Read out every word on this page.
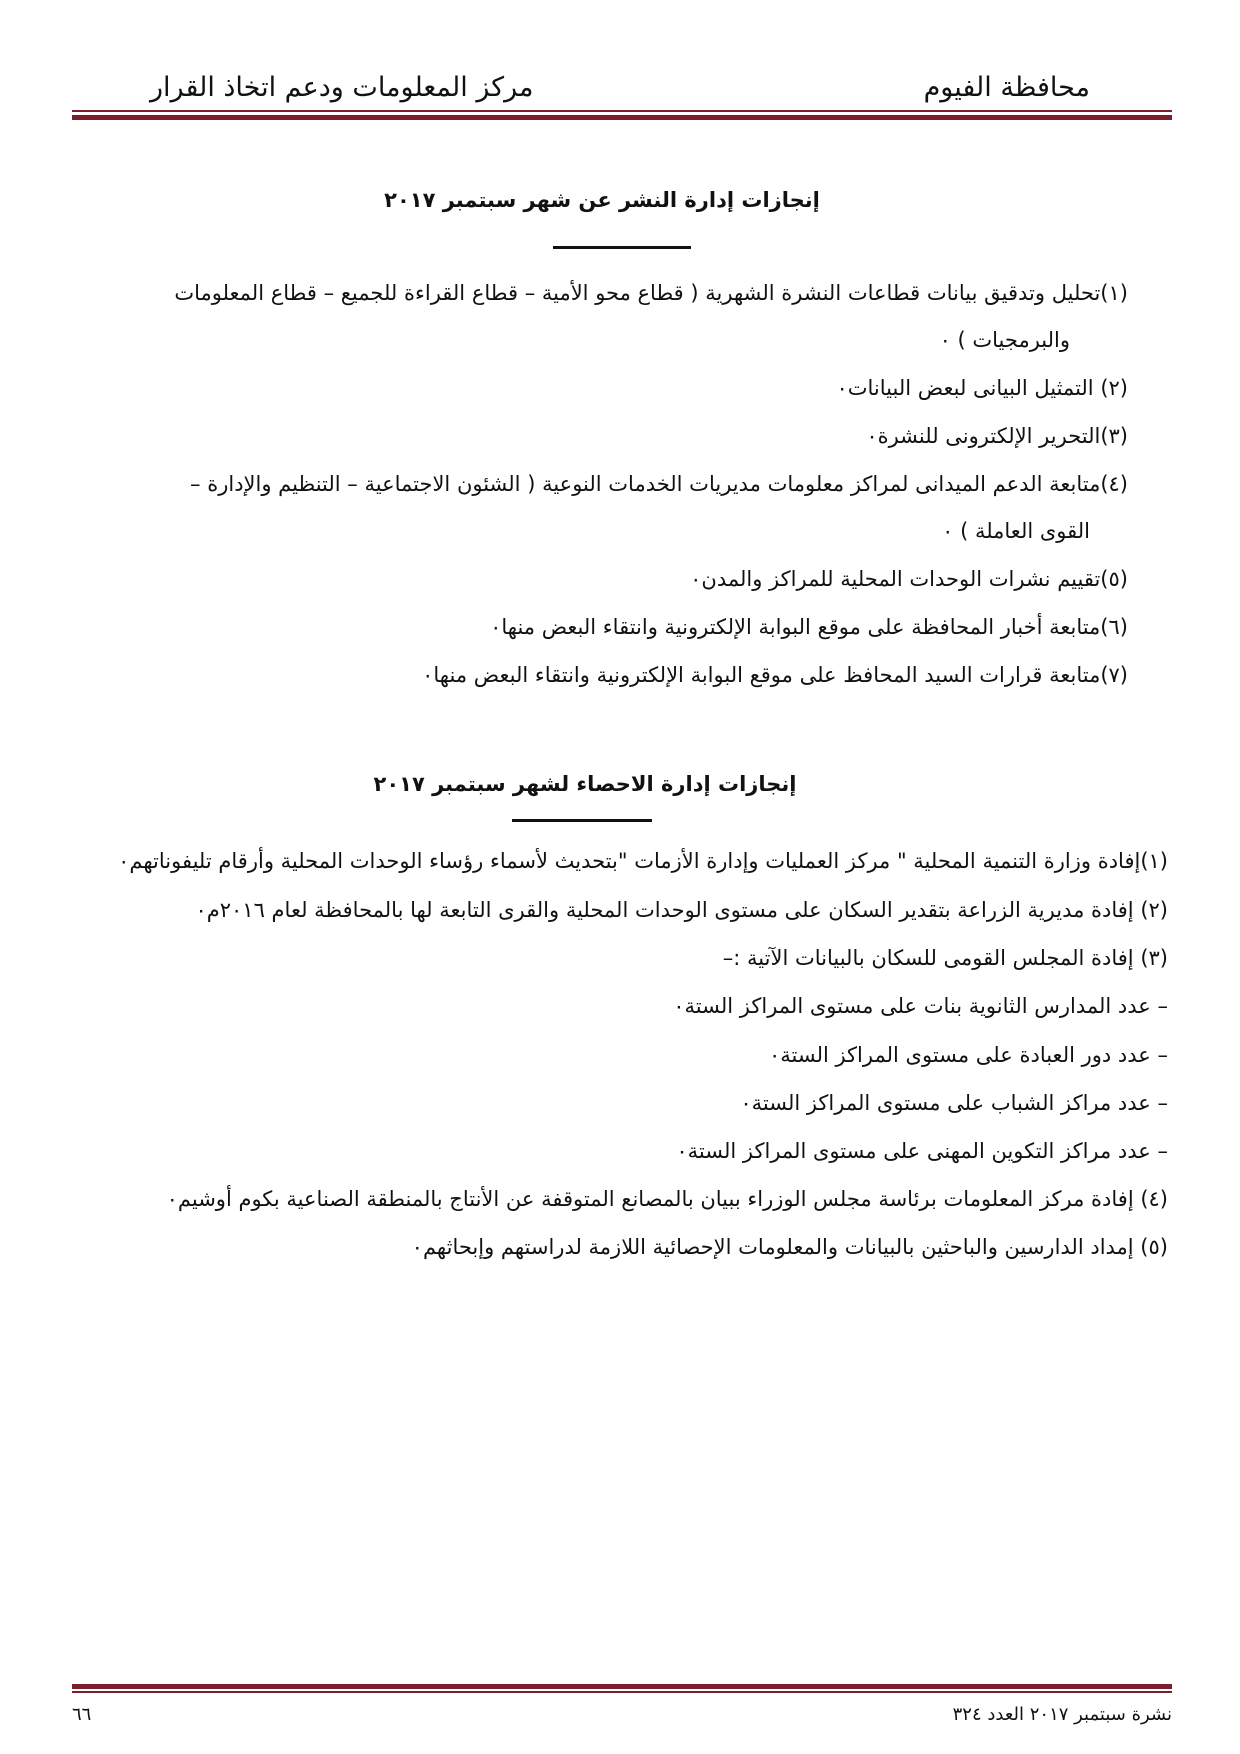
مركز المعلومات ودعم اتخاذ القرار	محافظة الفيوم
إنجازات إدارة النشر عن شهر سبتمبر ٢٠١٧
(١)تحليل وتدقيق بيانات قطاعات النشرة الشهرية ( قطاع محو الأمية – قطاع القراءة للجميع – قطاع المعلومات
والبرمجيات ) ٠
(٢) التمثيل البيانى لبعض البيانات٠
(٣)التحرير الإلكترونى للنشرة٠
(٤)متابعة الدعم الميدانى لمراكز معلومات مديريات الخدمات النوعية ( الشئون الاجتماعية – التنظيم والإدارة –
القوى العاملة ) ٠
(٥)تقييم نشرات الوحدات المحلية للمراكز والمدن٠
(٦)متابعة أخبار المحافظة على موقع البوابة الإلكترونية وانتقاء البعض منها٠
(٧)متابعة قرارات السيد المحافظ على موقع البوابة الإلكترونية وانتقاء البعض منها٠
إنجازات إدارة الاحصاء لشهر سبتمبر ٢٠١٧
(١)إفادة وزارة التنمية المحلية " مركز العمليات وإدارة الأزمات "بتحديث لأسماء رؤساء الوحدات المحلية وأرقام تليفوناتهم٠
(٢) إفادة مديرية الزراعة بتقدير السكان على مستوى الوحدات المحلية والقرى التابعة لها بالمحافظة لعام ٢٠١٦م٠
(٣) إفادة المجلس القومى للسكان بالبيانات الآتية :–
– عدد المدارس الثانوية بنات على مستوى المراكز الستة٠
– عدد دور العبادة على مستوى المراكز الستة٠
– عدد مراكز الشباب على مستوى المراكز الستة٠
– عدد مراكز التكوين المهنى على مستوى المراكز الستة٠
(٤) إفادة مركز المعلومات برئاسة مجلس الوزراء ببيان بالمصانع المتوقفة عن الأنتاج بالمنطقة الصناعية بكوم أوشيم٠
(٥) إمداد الدارسين والباحثين بالبيانات والمعلومات الإحصائية اللازمة لدراستهم وإبحاثهم٠
نشرة سبتمبر ٢٠١٧ العدد ٣٢٤
٦٦
